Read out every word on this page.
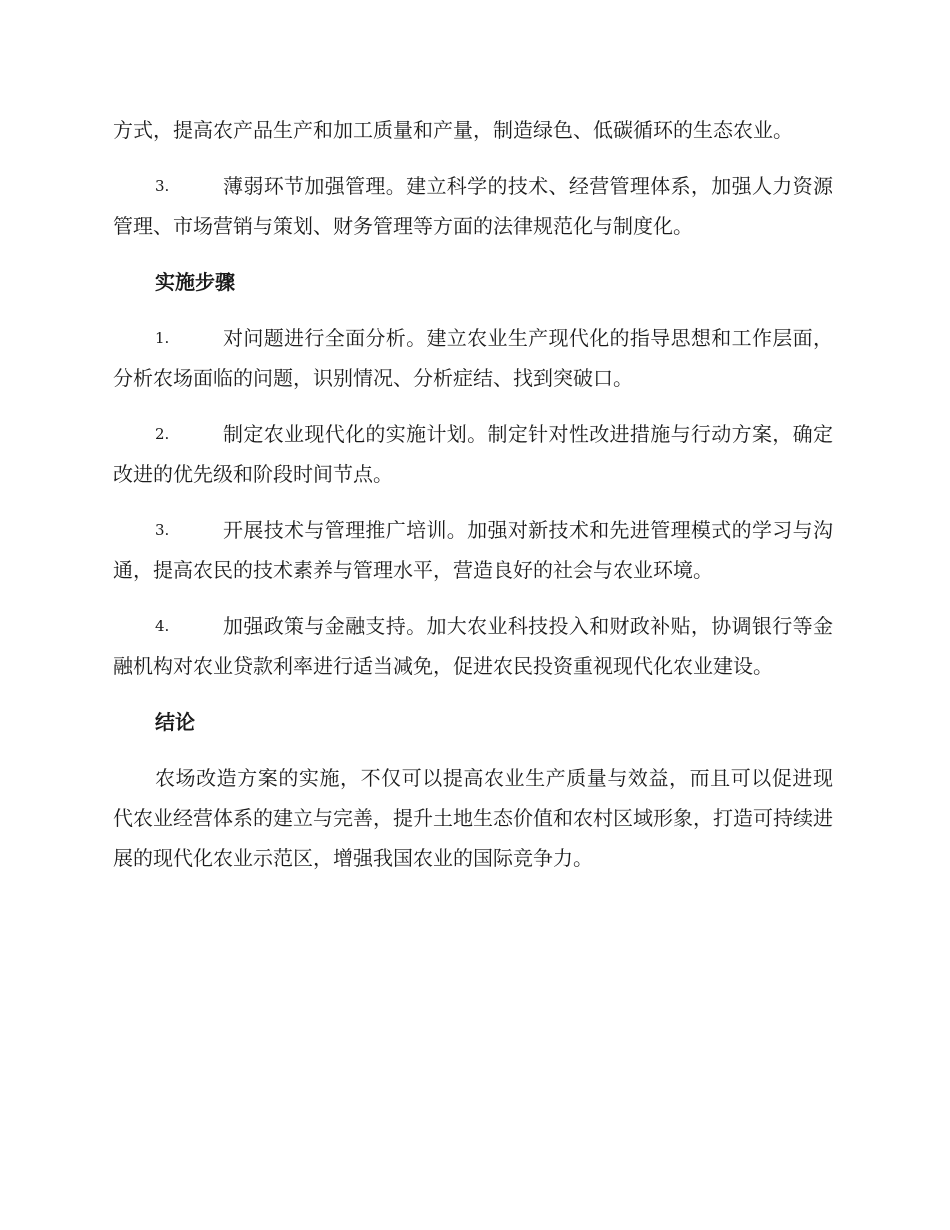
方式，提高农产品生产和加工质量和产量，制造绿色、低碳循环的生态农业。

3.	薄弱环节加强管理。建立科学的技术、经营管理体系，加强人力资源管理、市场营销与策划、财务管理等方面的法律规范化与制度化。
实施步骤
1.	对问题进行全面分析。建立农业生产现代化的指导思想和工作层面，分析农场面临的问题，识别情况、分析症结、找到突破口。
2.	制定农业现代化的实施计划。制定针对性改进措施与行动方案，确定改进的优先级和阶段时间节点。
3.	开展技术与管理推广培训。加强对新技术和先进管理模式的学习与沟通，提高农民的技术素养与管理水平，营造良好的社会与农业环境。
4.	加强政策与金融支持。加大农业科技投入和财政补贴，协调银行等金融机构对农业贷款利率进行适当减免，促进农民投资重视现代化农业建设。
结论

农场改造方案的实施，不仅可以提高农业生产质量与效益，而且可以促进现代农业经营体系的建立与完善，提升土地生态价值和农村区域形象，打造可持续进展的现代化农业示范区，增强我国农业的国际竞争力。
